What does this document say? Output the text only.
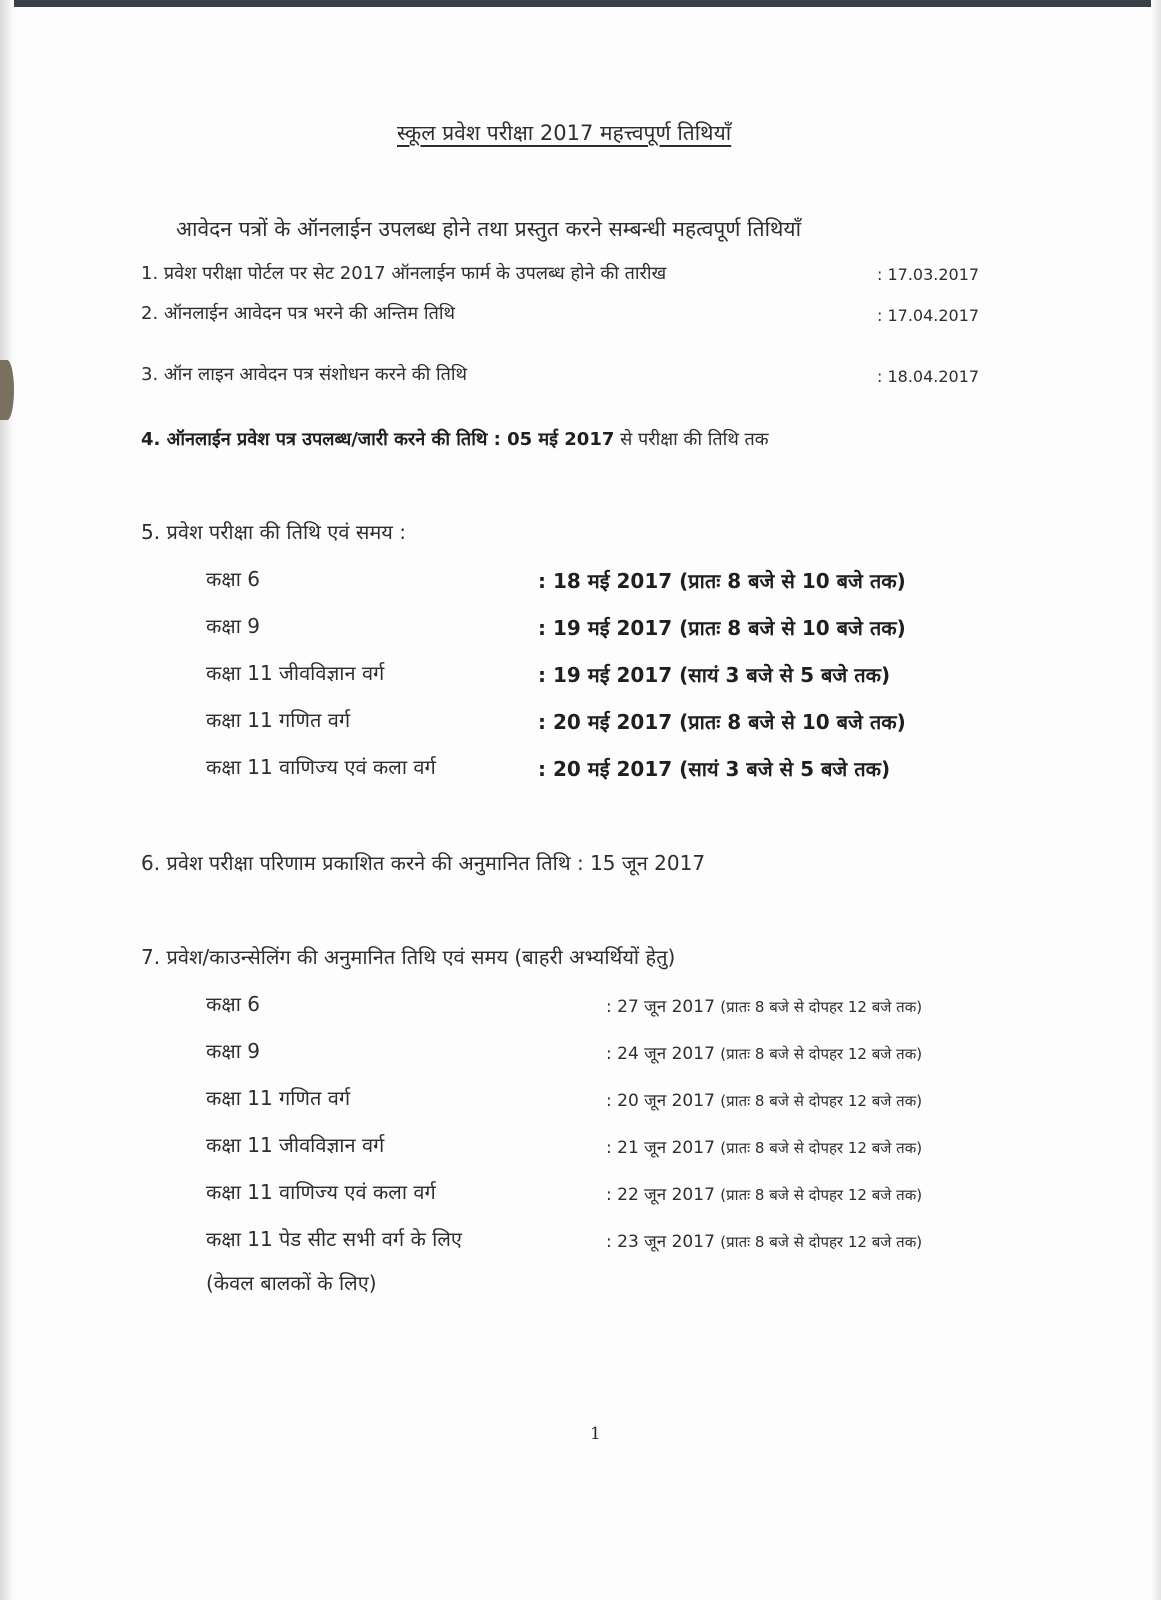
स्कूल प्रवेश परीक्षा 2017 महत्त्वपूर्ण तिथियाँ
आवेदन पत्रों के ऑनलाईन उपलब्ध होने तथा प्रस्तुत करने सम्बन्धी महत्वपूर्ण तिथियाँ
1. प्रवेश परीक्षा पोर्टल पर सेट 2017 ऑनलाईन फार्म के उपलब्ध होने की तारीख	: 17.03.2017
2. ऑनलाईन आवेदन पत्र भरने की अन्तिम तिथि	: 17.04.2017
3. ऑन लाइन आवेदन पत्र संशोधन करने की तिथि	: 18.04.2017
4. ऑनलाईन प्रवेश पत्र उपलब्ध/जारी करने की तिथि : 05 मई 2017 से परीक्षा की तिथि तक
5. प्रवेश परीक्षा की तिथि एवं समय :
कक्षा 6	: 18 मई 2017 (प्रातः 8 बजे से 10 बजे तक)
कक्षा 9	: 19 मई 2017 (प्रातः 8 बजे से 10 बजे तक)
कक्षा 11 जीवविज्ञान वर्ग	: 19 मई 2017 (सायं 3 बजे से 5 बजे तक)
कक्षा 11 गणित वर्ग	: 20 मई 2017 (प्रातः 8 बजे से 10 बजे तक)
कक्षा 11 वाणिज्य एवं कला वर्ग	: 20 मई 2017 (सायं 3 बजे से 5 बजे तक)
6. प्रवेश परीक्षा परिणाम प्रकाशित करने की अनुमानित तिथि : 15 जून 2017
7. प्रवेश/काउन्सेलिंग की अनुमानित तिथि एवं समय (बाहरी अभ्यर्थियों हेतु)
कक्षा 6	: 27 जून 2017 (प्रातः 8 बजे से दोपहर 12 बजे तक)
कक्षा 9	: 24 जून 2017 (प्रातः 8 बजे से दोपहर 12 बजे तक)
कक्षा 11 गणित वर्ग	: 20 जून 2017 (प्रातः 8 बजे से दोपहर 12 बजे तक)
कक्षा 11 जीवविज्ञान वर्ग	: 21 जून 2017 (प्रातः 8 बजे से दोपहर 12 बजे तक)
कक्षा 11 वाणिज्य एवं कला वर्ग	: 22 जून 2017 (प्रातः 8 बजे से दोपहर 12 बजे तक)
कक्षा 11 पेड सीट सभी वर्ग के लिए	: 23 जून 2017 (प्रातः 8 बजे से दोपहर 12 बजे तक)
(केवल बालकों के लिए)
1
